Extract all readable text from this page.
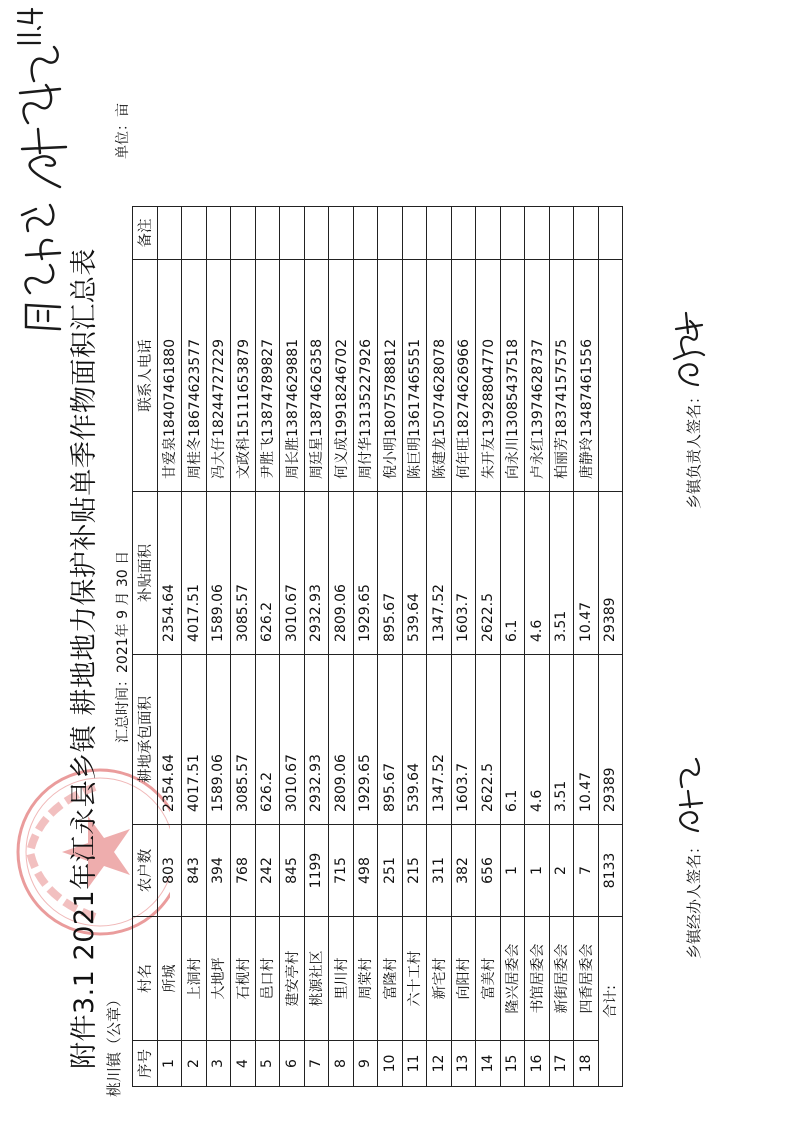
附件3.1 2021年江永县乡镇 耕地地力保护补贴单季作物面积汇总表 桃川镇（公章）
汇总时间：2021年 9 月 30 日
单位：亩
序号	村名	农户数	耕地承包面积	补贴面积	联系人电话	备注
1	所城	803	2354.64	2354.64	甘爱泉18407461880	
2	上洞村	843	4017.51	4017.51	周桂冬18674623577	
3	大地坪	394	1589.06	1589.06	冯大仔18244727229	
4	石枧村	768	3085.57	3085.57	文政科15111653879	
5	邑口村	242	626.2	626.2	尹胜飞13874789827	
6	建安亭村	845	3010.67	3010.67	周长胜13874629881	
7	桃源社区	1199	2932.93	2932.93	周廷星13874626358	
8	里川村	715	2809.06	2809.06	何义成19918246702	
9	周棠村	498	1929.65	1929.65	周付华13135227926	
10	富隆村	251	895.67	895.67	倪小明18075788812	
11	六十工村	215	539.64	539.64	陈巨明13617465551	
12	新宅村	311	1347.52	1347.52	陈建龙15074628078	
13	向阳村	382	1603.7	1603.7	何年旺18274626966	
14	富美村	656	2622.5	2622.5	朱开友13928804770	
15	隆兴居委会	1	6.1	6.1	向永川13085437518	
16	书馆居委会	1	4.6	4.6	卢永红13974628737	
17	新街居委会	2	3.51	3.51	柏丽芳18374157575	
18	四香居委会	7	10.47	10.47	唐静玲13487461556	
合计:		8133	29389	29389		
乡镇经办人签名：
乡镇负责人签名：
